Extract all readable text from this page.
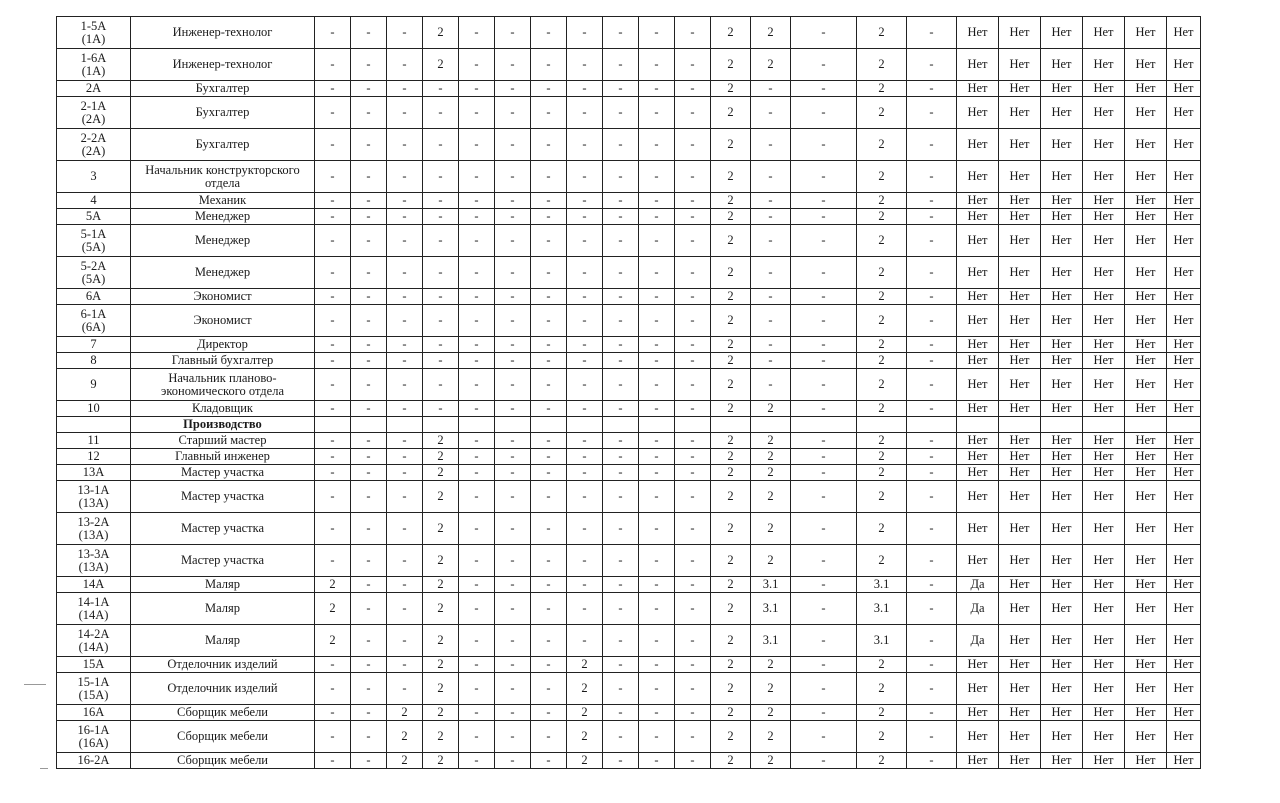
1-5А
(1А)	Инженер-технолог	-	-	-	2	-	-	-	-	-	-	-	2	2	-	2	-	Нет	Нет	Нет	Нет	Нет	Нет
1-6А
(1А)	Инженер-технолог	-	-	-	2	-	-	-	-	-	-	-	2	2	-	2	-	Нет	Нет	Нет	Нет	Нет	Нет
2А	Бухгалтер	-	-	-	-	-	-	-	-	-	-	-	2	-	-	2	-	Нет	Нет	Нет	Нет	Нет	Нет
2-1А
(2А)	Бухгалтер	-	-	-	-	-	-	-	-	-	-	-	2	-	-	2	-	Нет	Нет	Нет	Нет	Нет	Нет
2-2А
(2А)	Бухгалтер	-	-	-	-	-	-	-	-	-	-	-	2	-	-	2	-	Нет	Нет	Нет	Нет	Нет	Нет
3	Начальник конструкторского
отдела	-	-	-	-	-	-	-	-	-	-	-	2	-	-	2	-	Нет	Нет	Нет	Нет	Нет	Нет
4	Механик	-	-	-	-	-	-	-	-	-	-	-	2	-	-	2	-	Нет	Нет	Нет	Нет	Нет	Нет
5А	Менеджер	-	-	-	-	-	-	-	-	-	-	-	2	-	-	2	-	Нет	Нет	Нет	Нет	Нет	Нет
5-1А
(5А)	Менеджер	-	-	-	-	-	-	-	-	-	-	-	2	-	-	2	-	Нет	Нет	Нет	Нет	Нет	Нет
5-2А
(5А)	Менеджер	-	-	-	-	-	-	-	-	-	-	-	2	-	-	2	-	Нет	Нет	Нет	Нет	Нет	Нет
6А	Экономист	-	-	-	-	-	-	-	-	-	-	-	2	-	-	2	-	Нет	Нет	Нет	Нет	Нет	Нет
6-1А
(6А)	Экономист	-	-	-	-	-	-	-	-	-	-	-	2	-	-	2	-	Нет	Нет	Нет	Нет	Нет	Нет
7	Директор	-	-	-	-	-	-	-	-	-	-	-	2	-	-	2	-	Нет	Нет	Нет	Нет	Нет	Нет
8	Главный бухгалтер	-	-	-	-	-	-	-	-	-	-	-	2	-	-	2	-	Нет	Нет	Нет	Нет	Нет	Нет
9	Начальник планово-
экономического отдела	-	-	-	-	-	-	-	-	-	-	-	2	-	-	2	-	Нет	Нет	Нет	Нет	Нет	Нет
10	Кладовщик	-	-	-	-	-	-	-	-	-	-	-	2	2	-	2	-	Нет	Нет	Нет	Нет	Нет	Нет
	Производство																						
11	Старший мастер	-	-	-	2	-	-	-	-	-	-	-	2	2	-	2	-	Нет	Нет	Нет	Нет	Нет	Нет
12	Главный инженер	-	-	-	2	-	-	-	-	-	-	-	2	2	-	2	-	Нет	Нет	Нет	Нет	Нет	Нет
13А	Мастер участка	-	-	-	2	-	-	-	-	-	-	-	2	2	-	2	-	Нет	Нет	Нет	Нет	Нет	Нет
13-1А
(13А)	Мастер участка	-	-	-	2	-	-	-	-	-	-	-	2	2	-	2	-	Нет	Нет	Нет	Нет	Нет	Нет
13-2А
(13А)	Мастер участка	-	-	-	2	-	-	-	-	-	-	-	2	2	-	2	-	Нет	Нет	Нет	Нет	Нет	Нет
13-3А
(13А)	Мастер участка	-	-	-	2	-	-	-	-	-	-	-	2	2	-	2	-	Нет	Нет	Нет	Нет	Нет	Нет
14А	Маляр	2	-	-	2	-	-	-	-	-	-	-	2	3.1	-	3.1	-	Да	Нет	Нет	Нет	Нет	Нет
14-1А
(14А)	Маляр	2	-	-	2	-	-	-	-	-	-	-	2	3.1	-	3.1	-	Да	Нет	Нет	Нет	Нет	Нет
14-2А
(14А)	Маляр	2	-	-	2	-	-	-	-	-	-	-	2	3.1	-	3.1	-	Да	Нет	Нет	Нет	Нет	Нет
15А	Отделочник изделий	-	-	-	2	-	-	-	2	-	-	-	2	2	-	2	-	Нет	Нет	Нет	Нет	Нет	Нет
15-1А
(15А)	Отделочник изделий	-	-	-	2	-	-	-	2	-	-	-	2	2	-	2	-	Нет	Нет	Нет	Нет	Нет	Нет
16А	Сборщик мебели	-	-	2	2	-	-	-	2	-	-	-	2	2	-	2	-	Нет	Нет	Нет	Нет	Нет	Нет
16-1А
(16А)	Сборщик мебели	-	-	2	2	-	-	-	2	-	-	-	2	2	-	2	-	Нет	Нет	Нет	Нет	Нет	Нет
16-2А	Сборщик мебели	-	-	2	2	-	-	-	2	-	-	-	2	2	-	2	-	Нет	Нет	Нет	Нет	Нет	Нет
